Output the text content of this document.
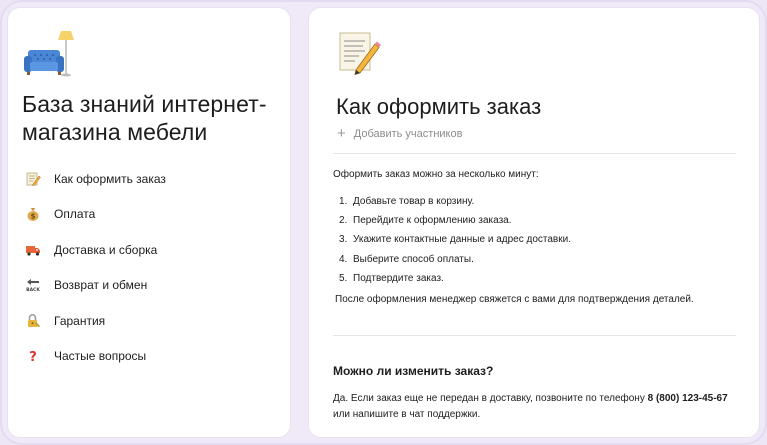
База знаний интернет-магазина мебели
Как оформить заказ
$ Оплата
Доставка и сборка
BACK Возврат и обмен
Гарантия
? Частые вопросы
Как оформить заказ
+ Добавить участников
Оформить заказ можно за несколько минут:
1. Добавьте товар в корзину.
2. Перейдите к оформлению заказа.
3. Укажите контактные данные и адрес доставки.
4. Выберите способ оплаты.
5. Подтвердите заказ.
После оформления менеджер свяжется с вами для подтверждения деталей.
Можно ли изменить заказ?
Да. Если заказ еще не передан в доставку, позвоните по телефону 8 (800) 123-45-67 или напишите в чат поддержки.
